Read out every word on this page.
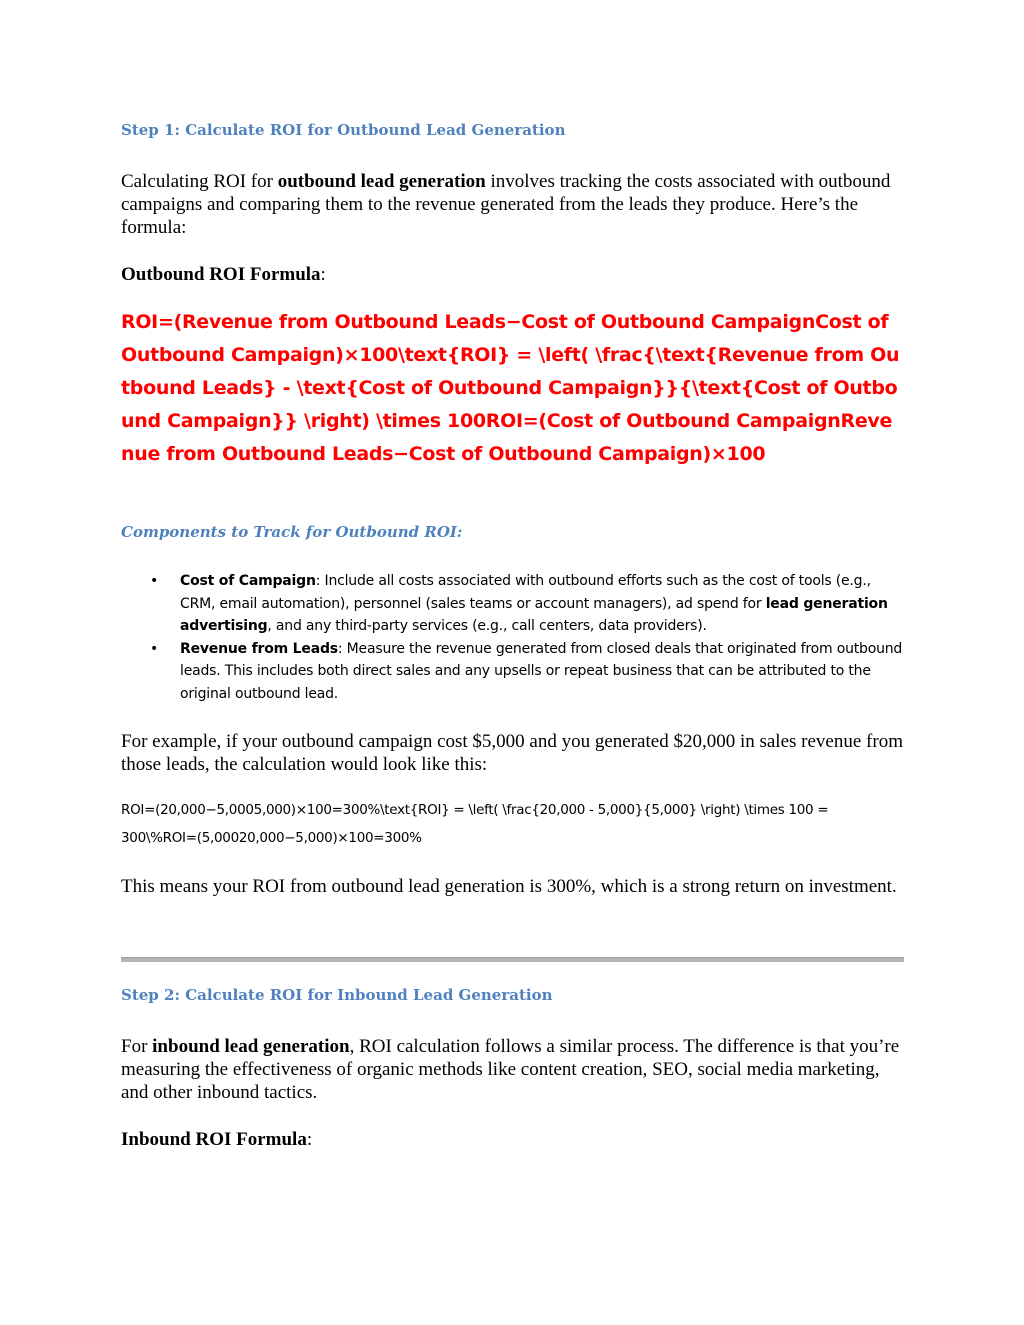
Step 1: Calculate ROI for Outbound Lead Generation

Calculating ROI for outbound lead generation involves tracking the costs associated with outbound campaigns and comparing them to the revenue generated from the leads they produce. Here’s the formula:

Outbound ROI Formula:

ROI=(Revenue from Outbound Leads−Cost of Outbound CampaignCost of Outbound Campaign)×100\text{ROI} = \left( \frac{\text{Revenue from Outbound Leads} - \text{Cost of Outbound Campaign}}{\text{Cost of Outbound Campaign}} \right) \times 100ROI=(Cost of Outbound CampaignRevenue from Outbound Leads−Cost of Outbound Campaign)×100

Components to Track for Outbound ROI:
• Cost of Campaign: Include all costs associated with outbound efforts such as the cost of tools (e.g., CRM, email automation), personnel (sales teams or account managers), ad spend for lead generation advertising, and any third-party services (e.g., call centers, data providers).
• Revenue from Leads: Measure the revenue generated from closed deals that originated from outbound leads. This includes both direct sales and any upsells or repeat business that can be attributed to the original outbound lead.

For example, if your outbound campaign cost $5,000 and you generated $20,000 in sales revenue from those leads, the calculation would look like this:

ROI=(20,000−5,0005,000)×100=300%\text{ROI} = \left( \frac{20,000 - 5,000}{5,000} \right) \times 100 = 300\%ROI=(5,00020,000−5,000)×100=300%

This means your ROI from outbound lead generation is 300%, which is a strong return on investment.

Step 2: Calculate ROI for Inbound Lead Generation

For inbound lead generation, ROI calculation follows a similar process. The difference is that you’re measuring the effectiveness of organic methods like content creation, SEO, social media marketing, and other inbound tactics.

Inbound ROI Formula:
